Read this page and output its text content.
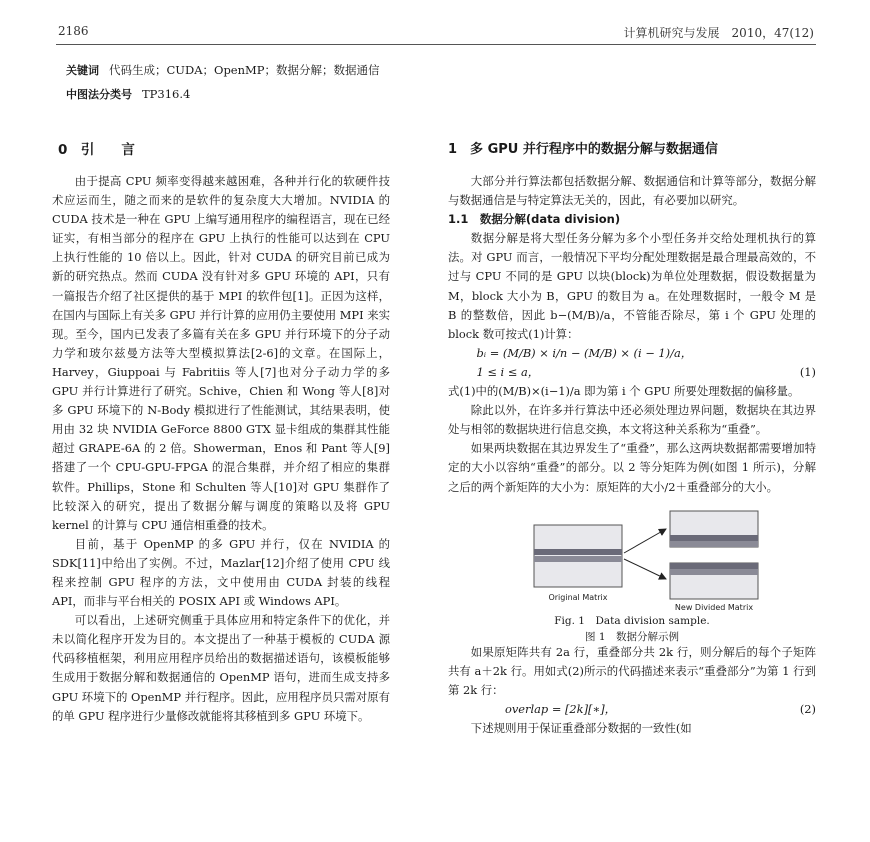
2186	计算机研究与发展　2010，47(12)
关键词 代码生成；CUDA；OpenMP；数据分解；数据通信
中图法分类号 TP316.4
0　引　　言

由于提高 CPU 频率变得越来越困难，各种并行化的软硬件技术应运而生，随之而来的是软件的复杂度大大增加。NVIDIA 的 CUDA 技术是一种在 GPU 上编写通用程序的编程语言，现在已经证实，有相当部分的程序在 GPU 上执行的性能可以达到在 CPU 上执行性能的 10 倍以上。因此，针对 CUDA 的研究目前已成为新的研究热点。然而 CUDA 没有针对多 GPU 环境的 API，只有一篇报告介绍了社区提供的基于 MPI 的软件包[1]。正因为这样，在国内与国际上有关多 GPU 并行计算的应用仍主要使用 MPI 来实现。至今，国内已发表了多篇有关在多 GPU 并行环境下的分子动力学和玻尔兹曼方法等大型模拟算法[2-6]的文章。在国际上，Harvey，Giuppoai 与 Fabritiis 等人[7]也对分子动力学的多 GPU 并行计算进行了研究。Schive，Chien 和 Wong 等人[8]对多 GPU 环境下的 N-Body 模拟进行了性能测试，其结果表明，使用由 32 块 NVIDIA GeForce 8800 GTX 显卡组成的集群其性能超过 GRAPE-6A 的 2 倍。Showerman，Enos 和 Pant 等人[9]搭建了一个 CPU-GPU-FPGA 的混合集群，并介绍了相应的集群软件。Phillips，Stone 和 Schulten 等人[10]对 GPU 集群作了比较深入的研究，提出了数据分解与调度的策略以及将 GPU kernel 的计算与 CPU 通信相重叠的技术。

目前，基于 OpenMP 的多 GPU 并行，仅在 NVIDIA 的 SDK[11]中给出了实例。不过，Mazlar[12]介绍了使用 CPU 线程来控制 GPU 程序的方法，文中使用由 CUDA 封装的线程 API，而非与平台相关的 POSIX API 或 Windows API。

可以看出，上述研究侧重于具体应用和特定条件下的优化，并未以简化程序开发为目的。本文提出了一种基于模板的 CUDA 源代码移植框架，利用应用程序员给出的数据描述语句，该模板能够生成用于数据分解和数据通信的 OpenMP 语句，进而生成支持多 GPU 环境下的 OpenMP 并行程序。因此，应用程序员只需对原有的单 GPU 程序进行少量修改就能将其移植到多 GPU 环境下。

1　多 GPU 并行程序中的数据分解与数据通信

大部分并行算法都包括数据分解、数据通信和计算等部分，数据分解与数据通信是与特定算法无关的，因此，有必要加以研究。

1.1　数据分解(data division)

数据分解是将大型任务分解为多个小型任务并交给处理机执行的算法。对 GPU 而言，一般情况下平均分配处理数据是最合理最高效的，不过与 CPU 不同的是 GPU 以块(block)为单位处理数据，假设数据量为 M，block 大小为 B，GPU 的数目为 a。在处理数据时，一般令 M 是 B 的整数倍，因此 b−(M/B)/a，不管能否除尽，第 i 个 GPU 处理的 block 数可按式(1)计算：

bᵢ = (M/B) × i/n − (M/B) × (i − 1)/a，
1 ≤ i ≤ a，	(1)

式(1)中的(M/B)×(i−1)/a 即为第 i 个 GPU 所要处理数据的偏移量。

除此以外，在许多并行算法中还必须处理边界问题，数据块在其边界处与相邻的数据块进行信息交换，本文将这种关系称为“重叠”。

如果两块数据在其边界发生了“重叠”，那么这两块数据都需要增加特定的大小以容纳“重叠”的部分。以 2 等分矩阵为例(如图 1 所示)，分解之后的两个新矩阵的大小为：原矩阵的大小/2＋重叠部分的大小。

Original Matrix
New Divided Matrix
Fig. 1　Data division sample.
图 1　数据分解示例

如果原矩阵共有 2a 行，重叠部分共 2k 行，则分解后的每个子矩阵共有 a＋2k 行。用如式(2)所示的代码描述来表示“重叠部分”为第 1 行到第 2k 行：

overlap = [2k][∗]，	(2)

下述规则用于保证重叠部分数据的一致性(如
